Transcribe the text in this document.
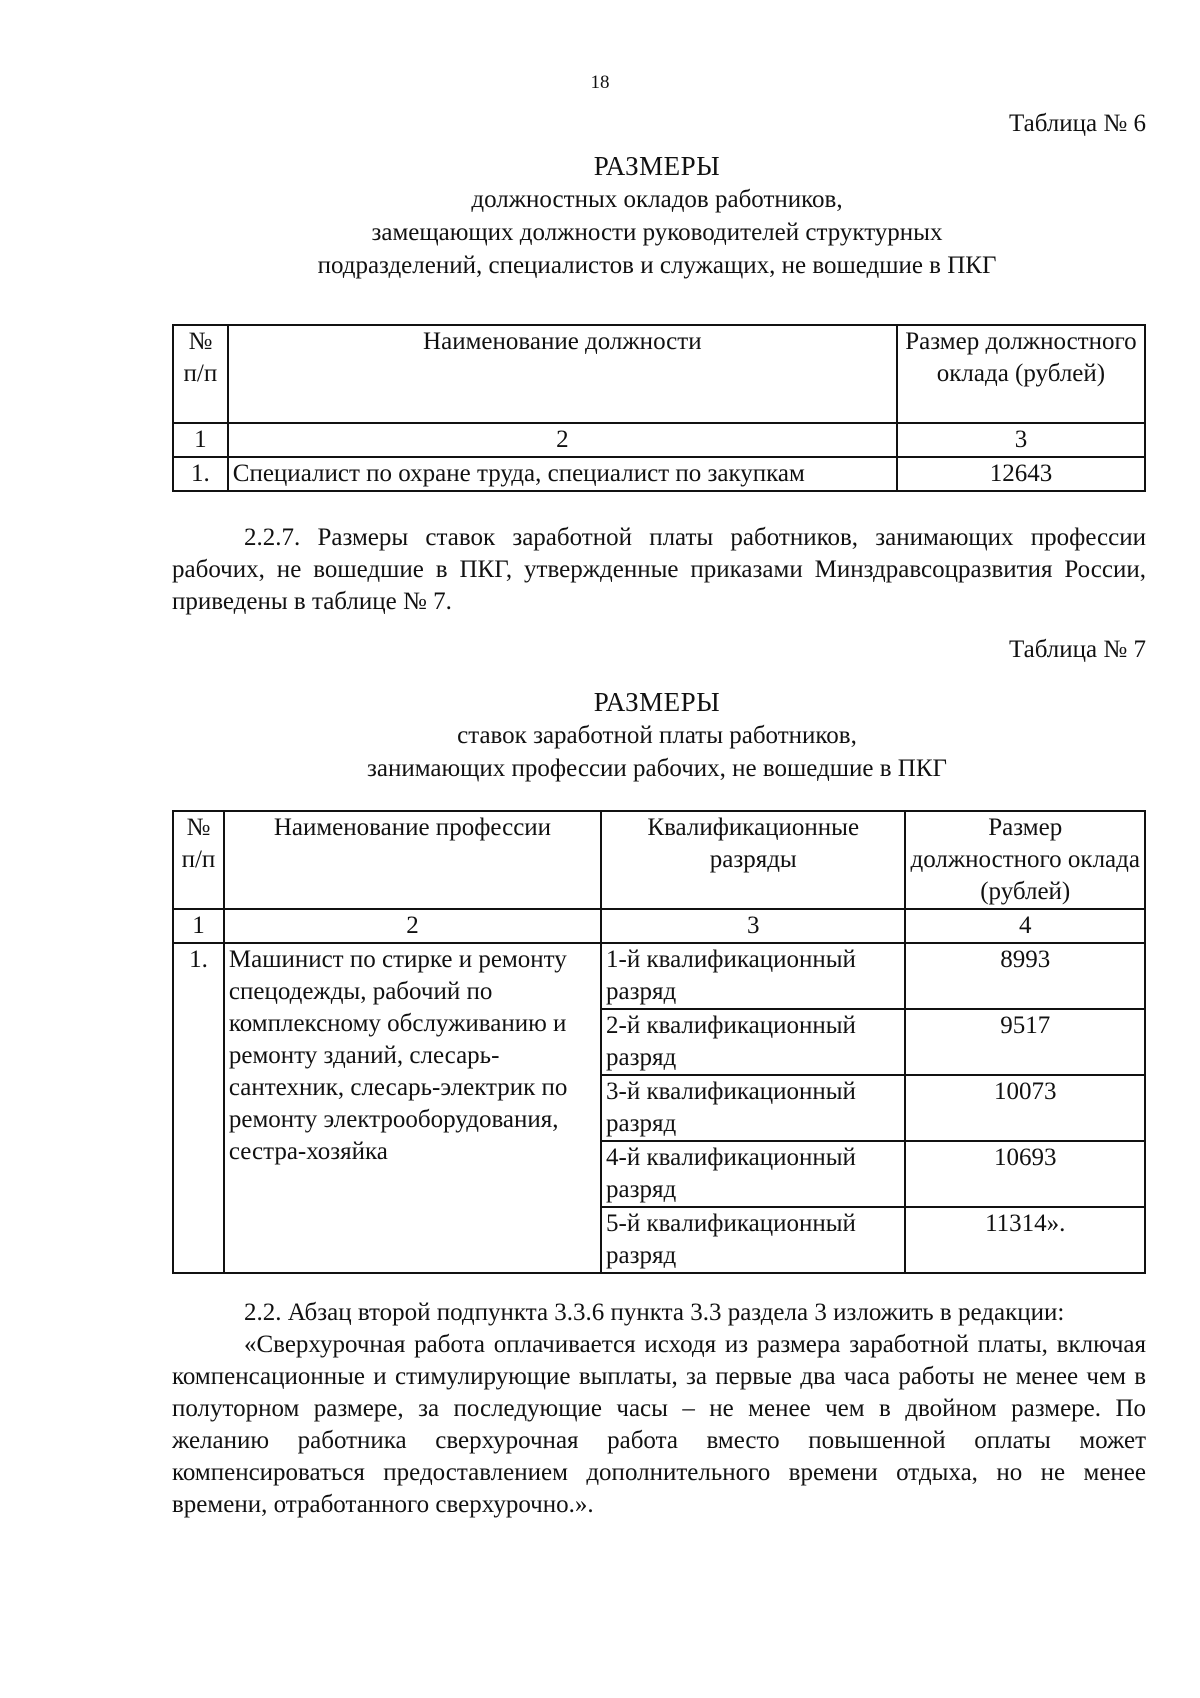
18
Таблица № 6
РАЗМЕРЫ
должностных окладов работников,
замещающих должности руководителей структурных
подразделений, специалистов и служащих, не вошедшие в ПКГ
№ п/п	Наименование должности	Размер должностного оклада (рублей)
1	2	3
1.	Специалист по охране труда, специалист по закупкам	12643
2.2.7. Размеры ставок заработной платы работников, занимающих профессии рабочих, не вошедшие в ПКГ, утвержденные приказами Минздравсоцразвития России, приведены в таблице № 7.
Таблица № 7
РАЗМЕРЫ
ставок заработной платы работников,
занимающих профессии рабочих, не вошедшие в ПКГ
№ п/п	Наименование профессии	Квалификационные разряды	Размер должностного оклада (рублей)
1	2	3	4
1.	Машинист по стирке и ремонту спецодежды, рабочий по комплексному обслуживанию и ремонту зданий, слесарь-сантехник, слесарь-электрик по ремонту электрооборудования, сестра-хозяйка	1-й квалификационный разряд	8993
		2-й квалификационный разряд	9517
		3-й квалификационный разряд	10073
		4-й квалификационный разряд	10693
		5-й квалификационный разряд	11314».

2.2. Абзац второй подпункта 3.3.6 пункта 3.3 раздела 3 изложить в редакции:

«Сверхурочная работа оплачивается исходя из размера заработной платы, включая компенсационные и стимулирующие выплаты, за первые два часа работы не менее чем в полуторном размере, за последующие часы – не менее чем в двойном размере. По желанию работника сверхурочная работа вместо повышенной оплаты может компенсироваться предоставлением дополнительного времени отдыха, но не менее времени, отработанного сверхурочно.».
